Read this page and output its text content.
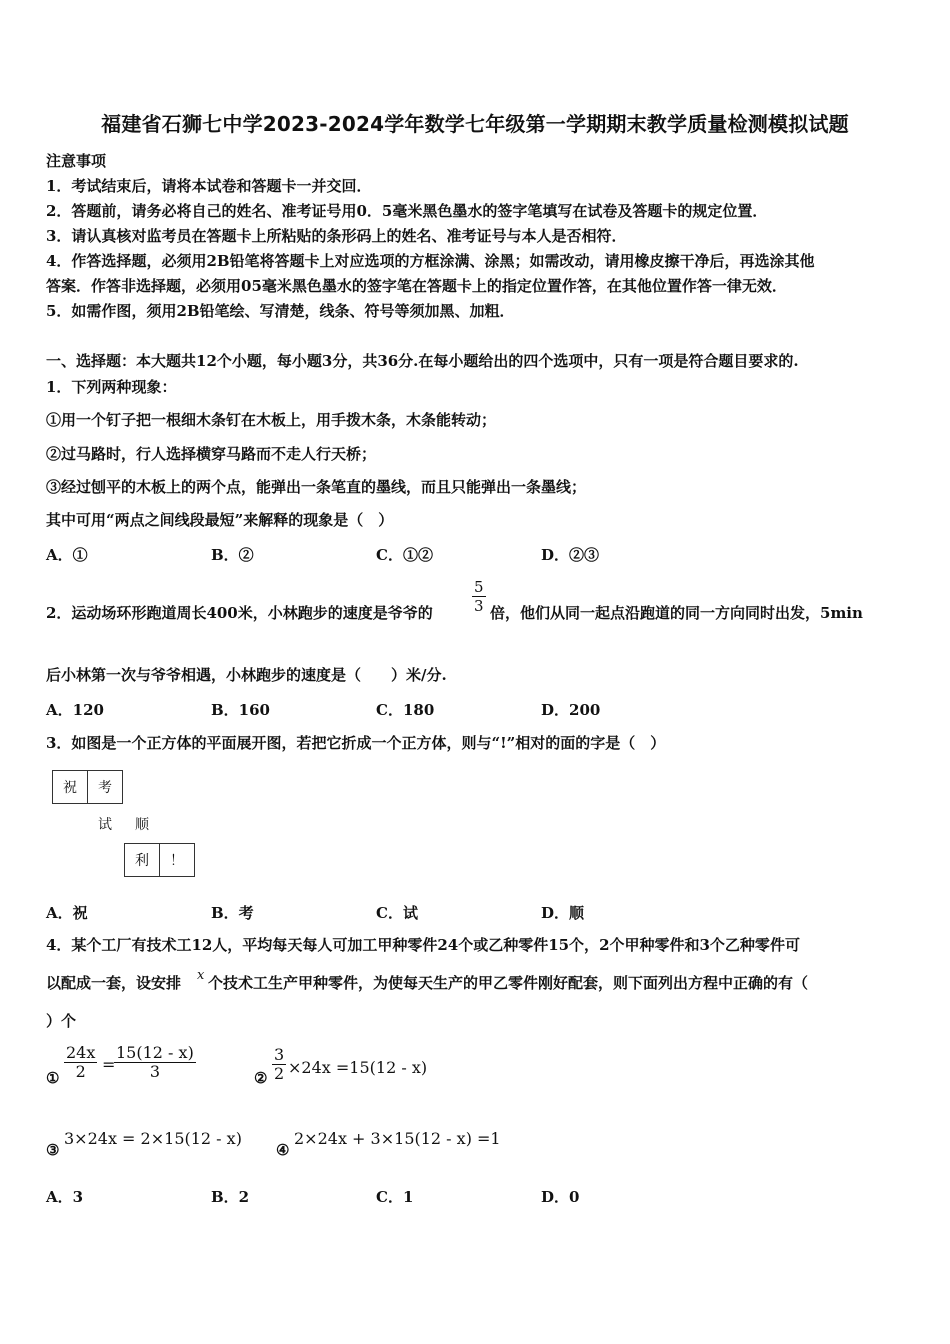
福建省石狮七中学2023-2024学年数学七年级第一学期期末教学质量检测模拟试题
注意事项
1．考试结束后，请将本试卷和答题卡一并交回．
2．答题前，请务必将自己的姓名、准考证号用0．5毫米黑色墨水的签字笔填写在试卷及答题卡的规定位置．
3．请认真核对监考员在答题卡上所粘贴的条形码上的姓名、准考证号与本人是否相符．
4．作答选择题，必须用2B铅笔将答题卡上对应选项的方框涂满、涂黑；如需改动，请用橡皮擦干净后，再选涂其他
答案．作答非选择题，必须用05毫米黑色墨水的签字笔在答题卡上的指定位置作答，在其他位置作答一律无效．
5．如需作图，须用2B铅笔绘、写清楚，线条、符号等须加黑、加粗．
一、选择题：本大题共12个小题，每小题3分，共36分.在每小题给出的四个选项中，只有一项是符合题目要求的.
1．下列两种现象：
①用一个钉子把一根细木条钉在木板上，用手拨木条，木条能转动；
②过马路时，行人选择横穿马路而不走人行天桥；
③经过刨平的木板上的两个点，能弹出一条笔直的墨线，而且只能弹出一条墨线；
其中可用“两点之间线段最短”来解释的现象是（　）
A．①	B．②	C．①②	D．②③
2．运动场环形跑道周长400米，小林跑步的速度是爷爷的	$\frac{5}{3}$ 倍，他们从同一起点沿跑道的同一方向同时出发，5min
后小林第一次与爷爷相遇，小林跑步的速度是（　　）米/分.
A．120	B．160	C．180	D．200
3．如图是一个正方体的平面展开图，若把它折成一个正方体，则与“!”相对的面的字是（　）
祝	考
试	顺
利	！
A．祝	B．考	C．试	D．顺
4．某个工厂有技术工12人，平均每天每人可加工甲种零件24个或乙种零件15个，2个甲种零件和3个乙种零件可
以配成一套，设安排 x 个技术工生产甲种零件，为使每天生产的甲乙零件刚好配套，则下面列出方程中正确的有（
）个
① $\frac{24x}{2}$ =
$\frac{15(12 - x)}{3}$	② $\frac{3}{2} \times 24x =15(12 - x)$
③
3×24x = 2×15(12 - x)
④
2×24x + 3×15(12 - x) =1
A．3	B．2	C．1	D．0
